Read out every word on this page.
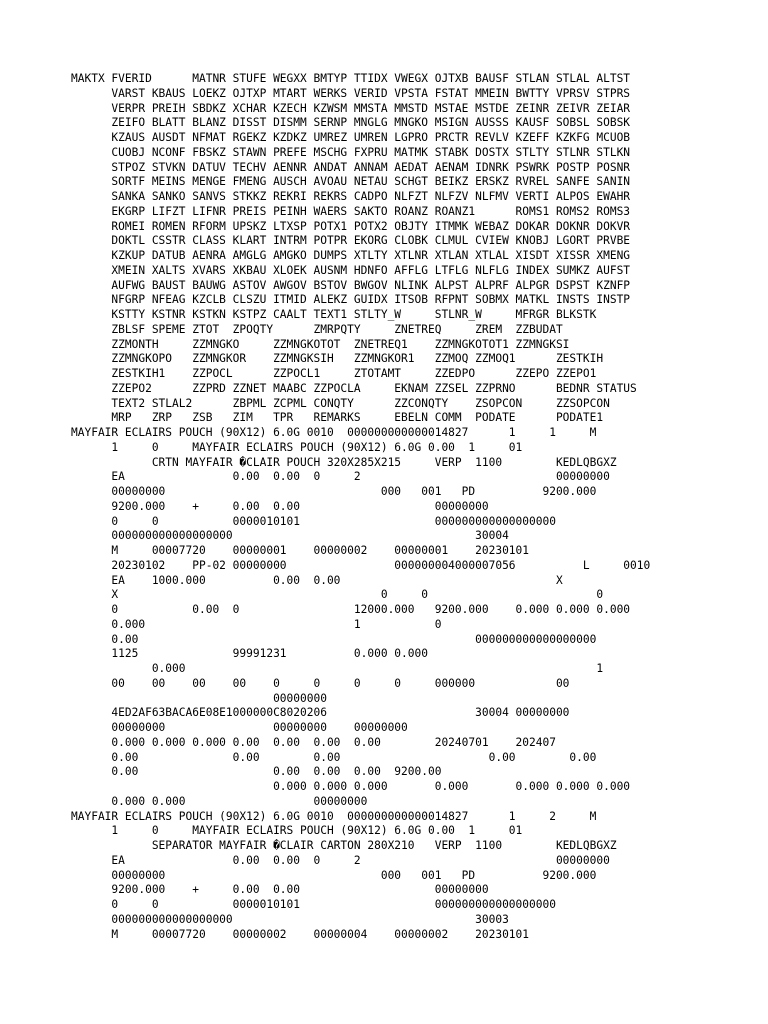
MAKTX FVERID      MATNR STUFE WEGXX BMTYP TTIDX VWEGX OJTXB BAUSF STLAN STLAL ALTST
VARST KBAUS LOEKZ OJTXP MTART WERKS VERID VPSTA FSTAT MMEIN BWTTY VPRSV STPRS
VERPR PREIH SBDKZ XCHAR KZECH KZWSM MMSTA MMSTD MSTAE MSTDE ZEINR ZEIVR ZEIAR
ZEIFO BLATT BLANZ DISST DISMM SERNP MNGLG MNGKO MSIGN AUSSS KAUSF SOBSL SOBSK
KZAUS AUSDT NFMAT RGEKZ KZDKZ UMREZ UMREN LGPRO PRCTR REVLV KZEFF KZKFG MCUOB
CUOBJ NCONF FBSKZ STAWN PREFE MSCHG FXPRU MATMK STABK DOSTX STLTY STLNR STLKN
STPOZ STVKN DATUV TECHV AENNR ANDAT ANNAM AEDAT AENAM IDNRK PSWRK POSTP POSNR
SORTF MEINS MENGE FMENG AUSCH AVOAU NETAU SCHGT BEIKZ ERSKZ RVREL SANFE SANIN
SANKA SANKO SANVS STKKZ REKRI REKRS CADPO NLFZT NLFZV NLFMV VERTI ALPOS EWAHR
EKGRP LIFZT LIFNR PREIS PEINH WAERS SAKTO ROANZ ROANZ1      ROMS1 ROMS2 ROMS3
ROMEI ROMEN RFORM UPSKZ LTXSP POTX1 POTX2 OBJTY ITMMK WEBAZ DOKAR DOKNR DOKVR
DOKTL CSSTR CLASS KLART INTRM POTPR EKORG CLOBK CLMUL CVIEW KNOBJ LGORT PRVBE
KZKUP DATUB AENRA AMGLG AMGKO DUMPS XTLTY XTLNR XTLAN XTLAL XISDT XISSR XMENG
XMEIN XALTS XVARS XKBAU XLOEK AUSNM HDNFO AFFLG LTFLG NLFLG INDEX SUMKZ AUFST
AUFWG BAUST BAUWG ASTOV AWGOV BSTOV BWGOV NLINK ALPST ALPRF ALPGR DSPST KZNFP
NFGRP NFEAG KZCLB CLSZU ITMID ALEKZ GUIDX ITSOB RFPNT SOBMX MATKL INSTS INSTP
KSTTY KSTNR KSTKN KSTPZ CAALT TEXT1 STLTY_W     STLNR_W     MFRGR BLKSTK
ZBLSF SPEME ZTOT  ZPOQTY      ZMRPQTY     ZNETREQ     ZREM  ZZBUDAT
ZZMONTH     ZZMNGKO     ZZMNGKOTOT  ZNETREQ1    ZZMNGKOTOT1 ZZMNGKSI
ZZMNGKOPO   ZZMNGKOR    ZZMNGKSIH   ZZMNGKOR1   ZZMOQ ZZMOQ1      ZESTKIH
ZESTKIH1    ZZPOCL      ZZPOCL1     ZTOTAMT     ZZEDPO      ZZEPO ZZEPO1
ZZEPO2      ZZPRD ZZNET MAABC ZZPOCLA     EKNAM ZZSEL ZZPRNO      BEDNR STATUS
TEXT2 STLAL2      ZBPML ZCPML CONQTY      ZZCONQTY    ZSOPCON     ZZSOPCON
MRP   ZRP   ZSB   ZIM   TPR   REMARKS     EBELN COMM  PODATE      PODATE1
MAYFAIR ECLAIRS POUCH (90X12) 6.0G 0010  000000000000014827      1     1     M
1     0     MAYFAIR ECLAIRS POUCH (90X12) 6.0G 0.00  1     01
CRTN MAYFAIR �CLAIR POUCH 320X285X215     VERP  1100        KEDLQBGXZ
EA                0.00  0.00  0     2                             00000000
00000000                                000   001   PD          9200.000
9200.000    +     0.00  0.00                    00000000
0     0           0000010101                    000000000000000000
000000000000000000                                    30004
M     00007720    00000001    00000002    00000001    20230101
20230102    PP-02 00000000                000000004000007056          L     0010
EA    1000.000          0.00  0.00                                X
X                                       0     0                         0
0           0.00  0                 12000.000   9200.000    0.000 0.000 0.000
0.000                               1           0
0.00                                                  000000000000000000
1125              99991231          0.000 0.000
0.000                                                             1
00    00    00    00    0     0     0     0     000000            00
00000000
4ED2AF63BACA6E08E1000000C8020206                      30004 00000000
00000000                00000000    00000000
0.000 0.000 0.000 0.00  0.00  0.00  0.00        20240701    202407
0.00              0.00        0.00                      0.00        0.00
0.00                    0.00  0.00  0.00  9200.00
0.000 0.000 0.000       0.000       0.000 0.000 0.000
0.000 0.000                   00000000
MAYFAIR ECLAIRS POUCH (90X12) 6.0G 0010  000000000000014827      1     2     M
1     0     MAYFAIR ECLAIRS POUCH (90X12) 6.0G 0.00  1     01
SEPARATOR MAYFAIR �CLAIR CARTON 280X210   VERP  1100        KEDLQBGXZ
EA                0.00  0.00  0     2                             00000000
00000000                                000   001   PD          9200.000
9200.000    +     0.00  0.00                    00000000
0     0           0000010101                    000000000000000000
000000000000000000                                    30003
M     00007720    00000002    00000004    00000002    20230101
